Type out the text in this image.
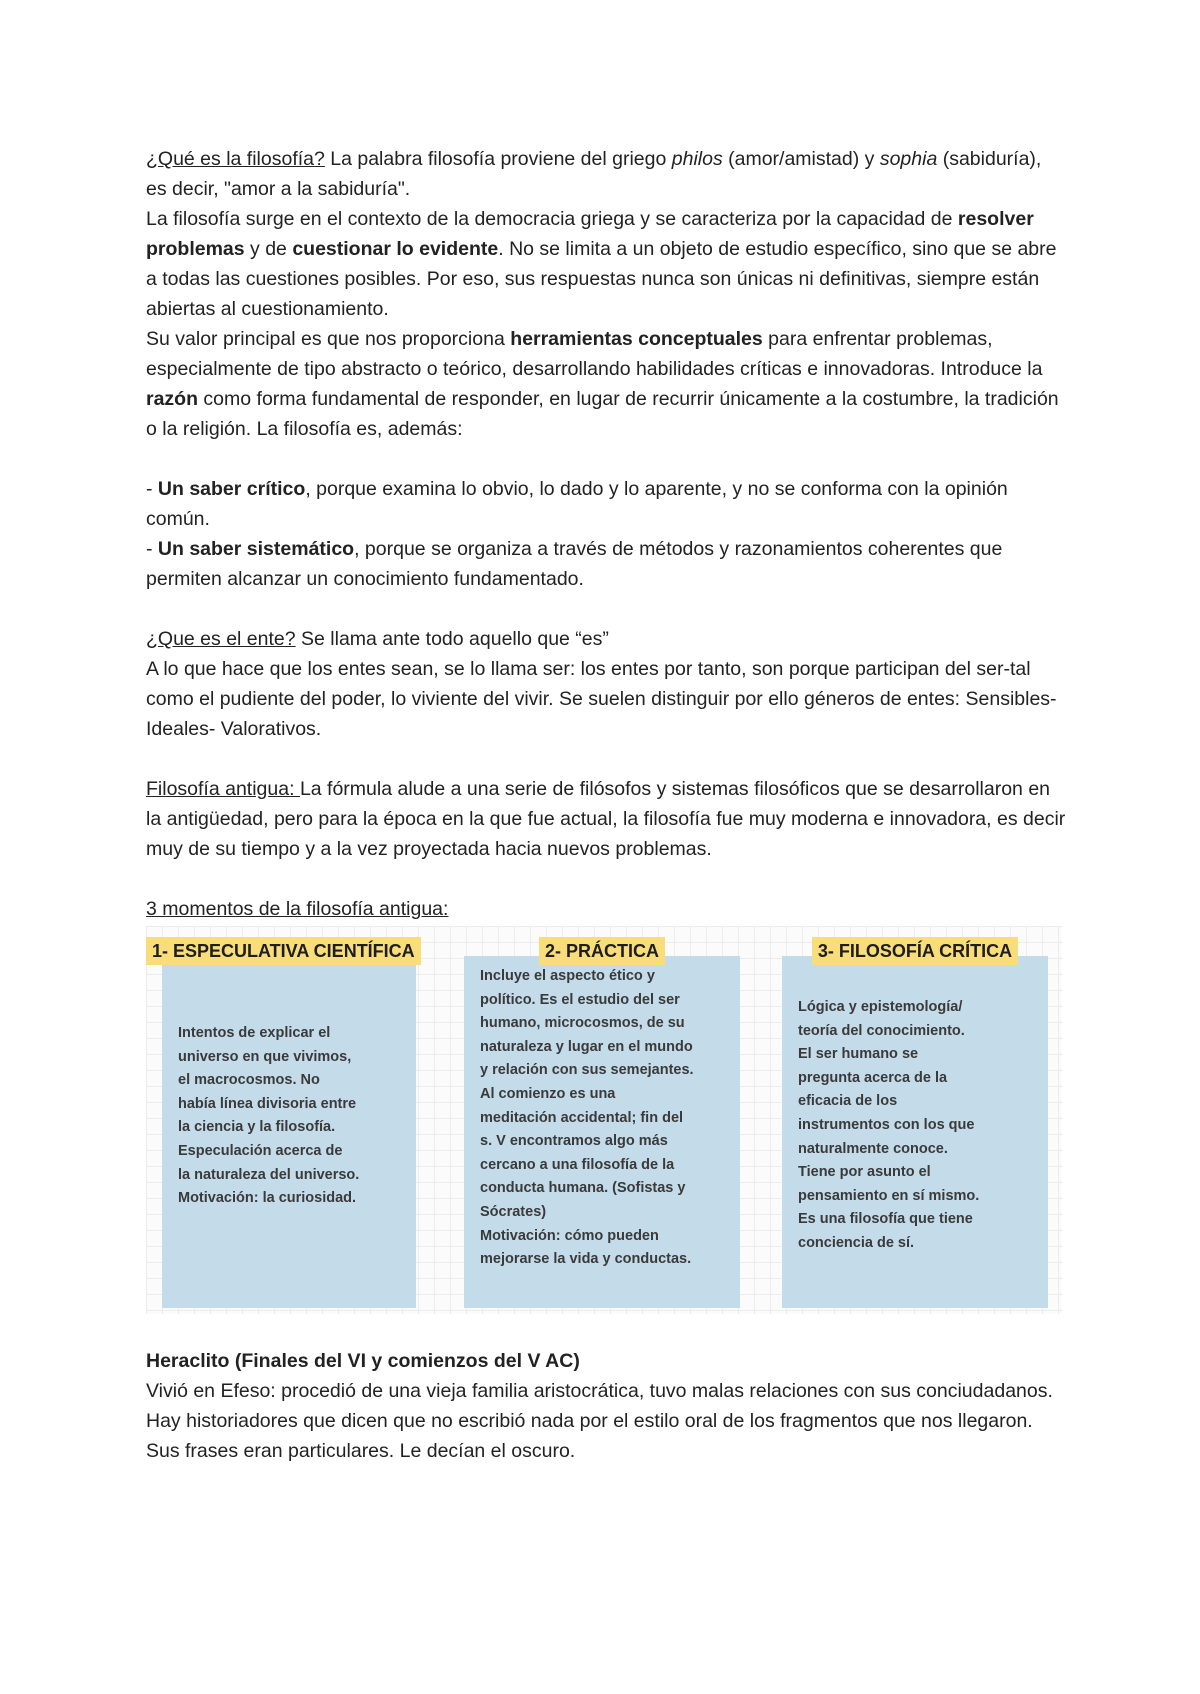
¿Qué es la filosofía? La palabra filosofía proviene del griego philos (amor/amistad) y sophia (sabiduría), es decir, "amor a la sabiduría".

La filosofía surge en el contexto de la democracia griega y se caracteriza por la capacidad de resolver problemas y de cuestionar lo evidente. No se limita a un objeto de estudio específico, sino que se abre a todas las cuestiones posibles. Por eso, sus respuestas nunca son únicas ni definitivas, siempre están abiertas al cuestionamiento.

Su valor principal es que nos proporciona herramientas conceptuales para enfrentar problemas, especialmente de tipo abstracto o teórico, desarrollando habilidades críticas e innovadoras. Introduce la razón como forma fundamental de responder, en lugar de recurrir únicamente a la costumbre, la tradición o la religión. La filosofía es, además:

- Un saber crítico, porque examina lo obvio, lo dado y lo aparente, y no se conforma con la opinión común.

- Un saber sistemático, porque se organiza a través de métodos y razonamientos coherentes que permiten alcanzar un conocimiento fundamentado.

¿Que es el ente? Se llama ante todo aquello que “es”

A lo que hace que los entes sean, se lo llama ser: los entes por tanto, son porque participan del ser-tal como el pudiente del poder, lo viviente del vivir. Se suelen distinguir por ello géneros de entes: Sensibles- Ideales- Valorativos.

Filosofía antigua: La fórmula alude a una serie de filósofos y sistemas filosóficos que se desarrollaron en la antigüedad, pero para la época en la que fue actual, la filosofía fue muy moderna e innovadora, es decir muy de su tiempo y a la vez proyectada hacia nuevos problemas.

3 momentos de la filosofía antigua:

Intentos de explicar el
universo en que vivimos,
el macrocosmos. No
había línea divisoria entre
la ciencia y la filosofía.
Especulación acerca de
la naturaleza del universo.
Motivación: la curiosidad.
1- ESPECULATIVA CIENTÍFICA
Incluye el aspecto ético y
político. Es el estudio del ser
humano, microcosmos, de su
naturaleza y lugar en el mundo
y relación con sus semejantes.
Al comienzo es una
meditación accidental; fin del
s. V encontramos algo más
cercano a una filosofía de la
conducta humana. (Sofistas y
Sócrates)
Motivación: cómo pueden
mejorarse la vida y conductas.
2- PRÁCTICA
Lógica y epistemología/
teoría del conocimiento.
El ser humano se
pregunta acerca de la
eficacia de los
instrumentos con los que
naturalmente conoce.
Tiene por asunto el
pensamiento en sí mismo.
Es una filosofía que tiene
conciencia de sí.
3- FILOSOFÍA CRÍTICA

Heraclito (Finales del VI y comienzos del V AC)

Vivió en Efeso: procedió de una vieja familia aristocrática, tuvo malas relaciones con sus conciudadanos.

Hay historiadores que dicen que no escribió nada por el estilo oral de los fragmentos que nos llegaron. Sus frases eran particulares. Le decían el oscuro.
